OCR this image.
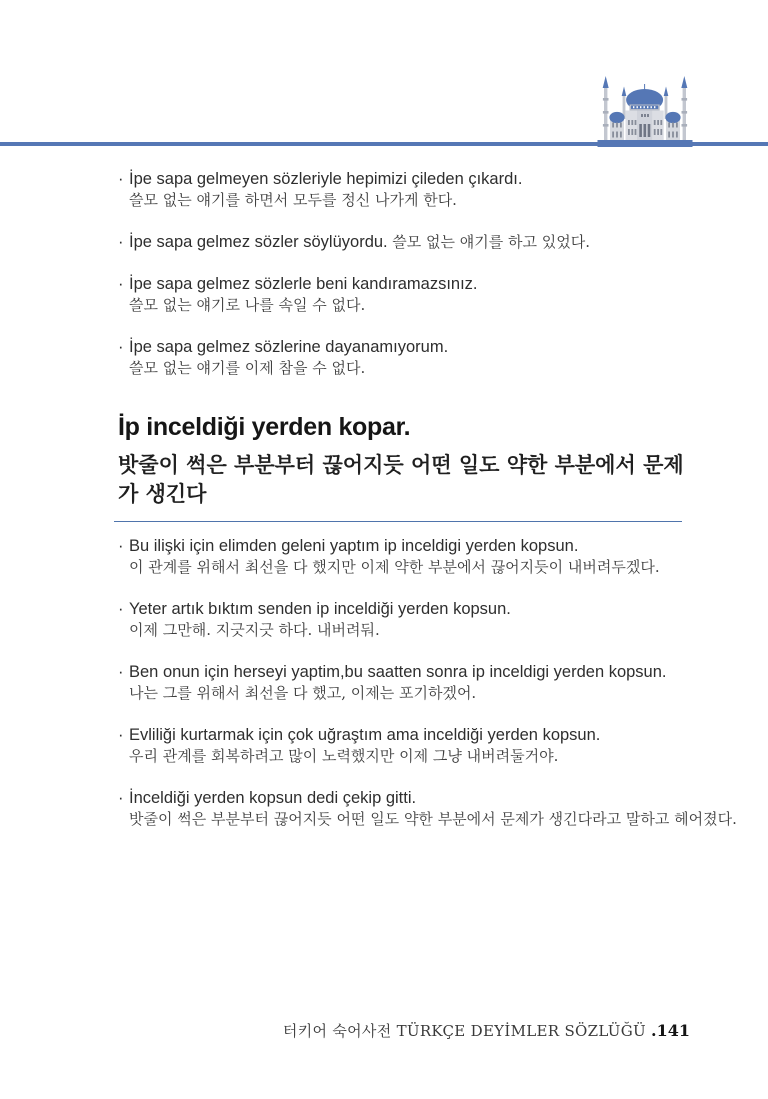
· İpe sapa gelmeyen sözleriyle hepimizi çileden çıkardı.
쓸모 없는 얘기를 하면서 모두를 정신 나가게 한다.
· İpe sapa gelmez sözler söylüyordu. 쓸모 없는 얘기를 하고 있었다.
· İpe sapa gelmez sözlerle beni kandıramazsınız.
쓸모 없는 얘기로 나를 속일 수 없다.
· İpe sapa gelmez sözlerine dayanamıyorum.
쓸모 없는 얘기를 이제 참을 수 없다.
İp inceldiği yerden kopar.
밧줄이 썩은 부분부터 끊어지듯 어떤 일도 약한 부분에서 문제가 생긴다
· Bu ilişki için elimden geleni yaptım ip inceldigi yerden kopsun.
이 관계를 위해서 최선을 다 했지만 이제 약한 부분에서 끊어지듯이 내버려두겠다.
· Yeter artık bıktım senden ip inceldiği yerden kopsun.
이제 그만해. 지긋지긋 하다. 내버려둬.
· Ben onun için herseyi yaptim,bu saatten sonra ip inceldigi yerden kopsun.
나는 그를 위해서 최선을 다 했고, 이제는 포기하겠어.
· Evliliği kurtarmak için çok uğraştım ama inceldiği yerden kopsun.
우리 관계를 회복하려고 많이 노력했지만 이제 그냥 내버려둘거야.
· İnceldiği yerden kopsun dedi çekip gitti.
밧줄이 썩은 부분부터 끊어지듯 어떤 일도 약한 부분에서 문제가 생긴다라고 말하고 헤어졌다.
터키어 숙어사전 TÜRKÇE DEYİMLER SÖZLÜĞÜ .141
